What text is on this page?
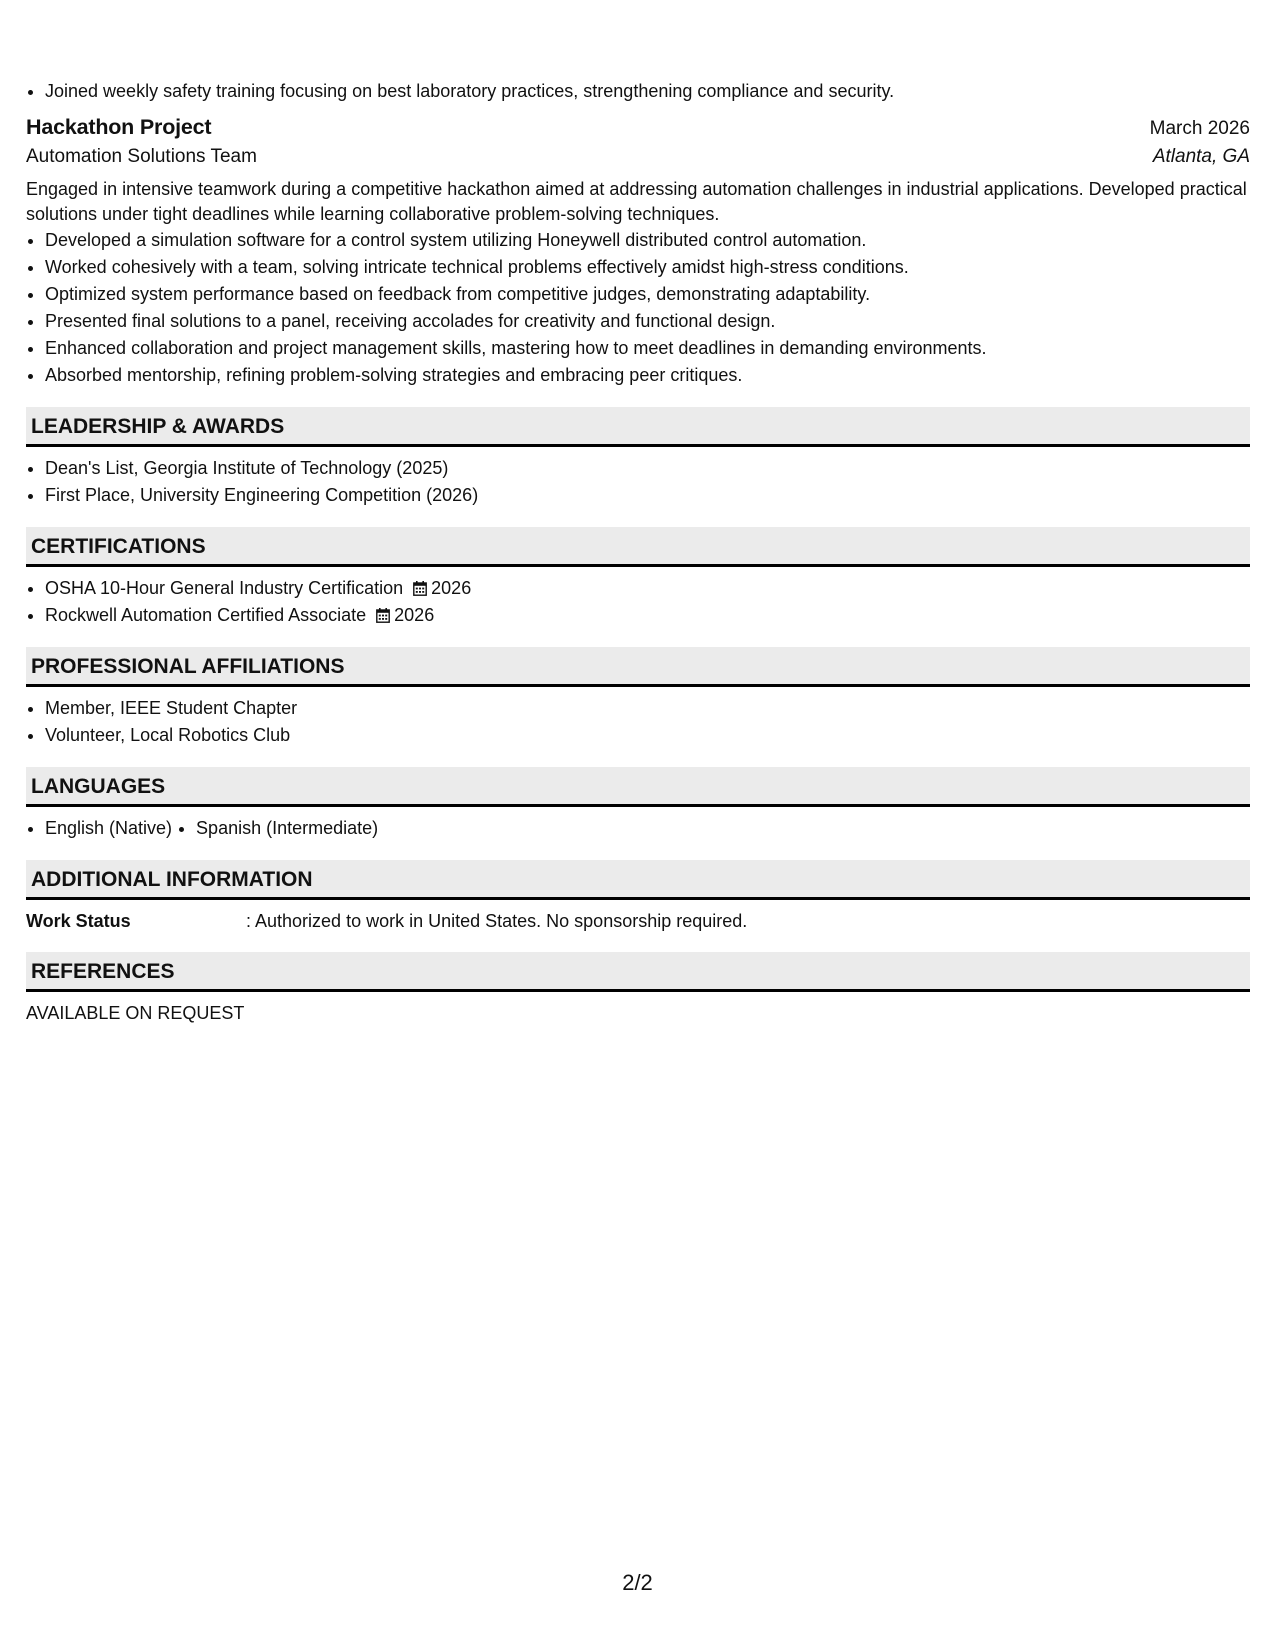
• Joined weekly safety training focusing on best laboratory practices, strengthening compliance and security.
Hackathon Project	March 2026
Automation Solutions Team	Atlanta, GA
Engaged in intensive teamwork during a competitive hackathon aimed at addressing automation challenges in industrial applications. Developed practical solutions under tight deadlines while learning collaborative problem-solving techniques.
• Developed a simulation software for a control system utilizing Honeywell distributed control automation.
• Worked cohesively with a team, solving intricate technical problems effectively amidst high-stress conditions.
• Optimized system performance based on feedback from competitive judges, demonstrating adaptability.
• Presented final solutions to a panel, receiving accolades for creativity and functional design.
• Enhanced collaboration and project management skills, mastering how to meet deadlines in demanding environments.
• Absorbed mentorship, refining problem-solving strategies and embracing peer critiques.
LEADERSHIP & AWARDS
• Dean's List, Georgia Institute of Technology (2025)
• First Place, University Engineering Competition (2026)
CERTIFICATIONS
• OSHA 10-Hour General Industry Certification 2026
• Rockwell Automation Certified Associate 2026
PROFESSIONAL AFFILIATIONS
• Member, IEEE Student Chapter
• Volunteer, Local Robotics Club
LANGUAGES
• English (Native)
• Spanish (Intermediate)
ADDITIONAL INFORMATION
Work Status	: Authorized to work in United States. No sponsorship required.
REFERENCES
AVAILABLE ON REQUEST
2/2
